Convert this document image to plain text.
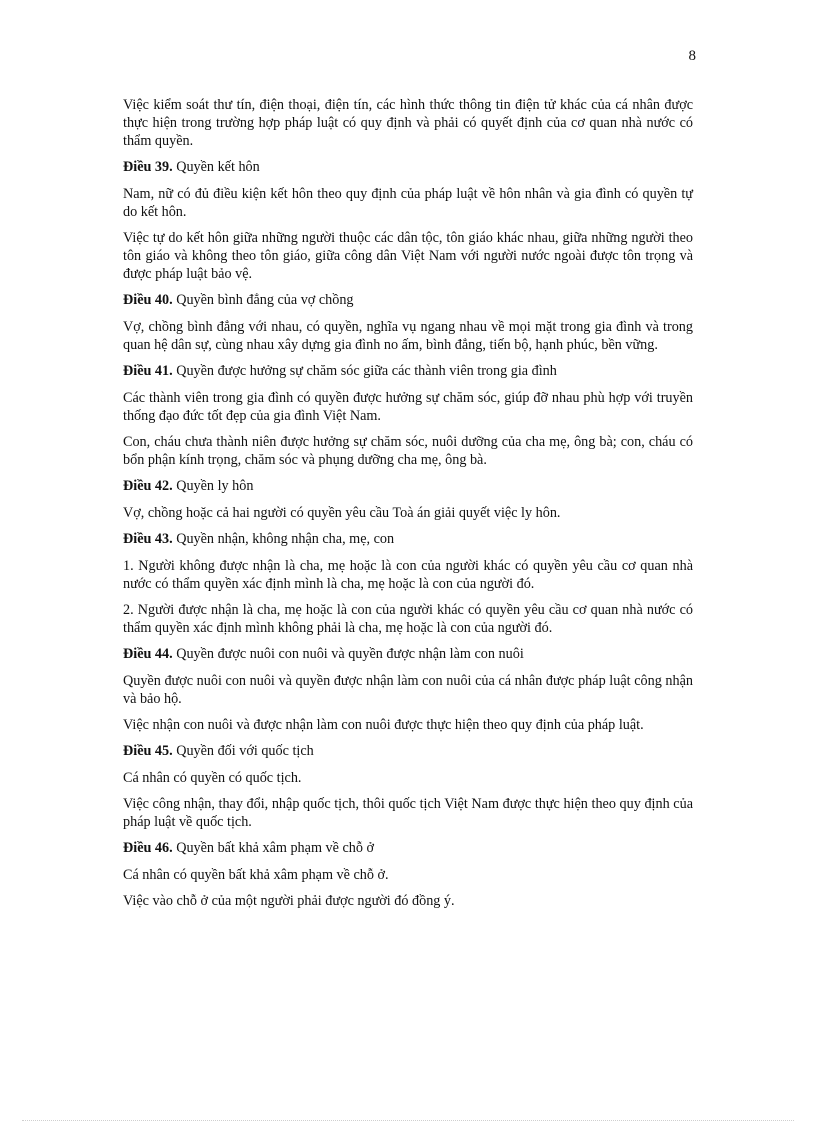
8

Việc kiểm soát thư tín, điện thoại, điện tín, các hình thức thông tin điện tử khác của cá nhân được thực hiện trong trường hợp pháp luật có quy định và phải có quyết định của cơ quan nhà nước có thẩm quyền.

Điều 39. Quyền kết hôn

Nam, nữ có đủ điều kiện kết hôn theo quy định của pháp luật về hôn nhân và gia đình có quyền tự do kết hôn.

Việc tự do kết hôn giữa những người thuộc các dân tộc, tôn giáo khác nhau, giữa những người theo tôn giáo và không theo tôn giáo, giữa công dân Việt Nam với người nước ngoài được tôn trọng và được pháp luật bảo vệ.

Điều 40. Quyền bình đẳng của vợ chồng

Vợ, chồng bình đẳng với nhau, có quyền, nghĩa vụ ngang nhau về mọi mặt trong gia đình và trong quan hệ dân sự, cùng nhau xây dựng gia đình no ấm, bình đẳng, tiến bộ, hạnh phúc, bền vững.

Điều 41. Quyền được hưởng sự chăm sóc giữa các thành viên trong gia đình

Các thành viên trong gia đình có quyền được hưởng sự chăm sóc, giúp đỡ nhau phù hợp với truyền thống đạo đức tốt đẹp của gia đình Việt Nam.

Con, cháu chưa thành niên được hưởng sự chăm sóc, nuôi dưỡng của cha mẹ, ông bà; con, cháu có bổn phận kính trọng, chăm sóc và phụng dưỡng cha mẹ, ông bà.

Điều 42. Quyền ly hôn

Vợ, chồng hoặc cả hai người có quyền yêu cầu Toà án giải quyết việc ly hôn.

Điều 43. Quyền nhận, không nhận cha, mẹ, con

1. Người không được nhận là cha, mẹ hoặc là con của người khác có quyền yêu cầu cơ quan nhà nước có thẩm quyền xác định mình là cha, mẹ hoặc là con của người đó.

2. Người được nhận là cha, mẹ hoặc là con của người khác có quyền yêu cầu cơ quan nhà nước có thẩm quyền xác định mình không phải là cha, mẹ hoặc là con của người đó.

Điều 44. Quyền được nuôi con nuôi và quyền được nhận làm con nuôi

Quyền được nuôi con nuôi và quyền được nhận làm con nuôi của cá nhân được pháp luật công nhận và bảo hộ.

Việc nhận con nuôi và được nhận làm con nuôi được thực hiện theo quy định của pháp luật.

Điều 45. Quyền đối với quốc tịch

Cá nhân có quyền có quốc tịch.

Việc công nhận, thay đổi, nhập quốc tịch, thôi quốc tịch Việt Nam được thực hiện theo quy định của pháp luật về quốc tịch.

Điều 46. Quyền bất khả xâm phạm về chỗ ở

Cá nhân có quyền bất khả xâm phạm về chỗ ở.

Việc vào chỗ ở của một người phải được người đó đồng ý.
